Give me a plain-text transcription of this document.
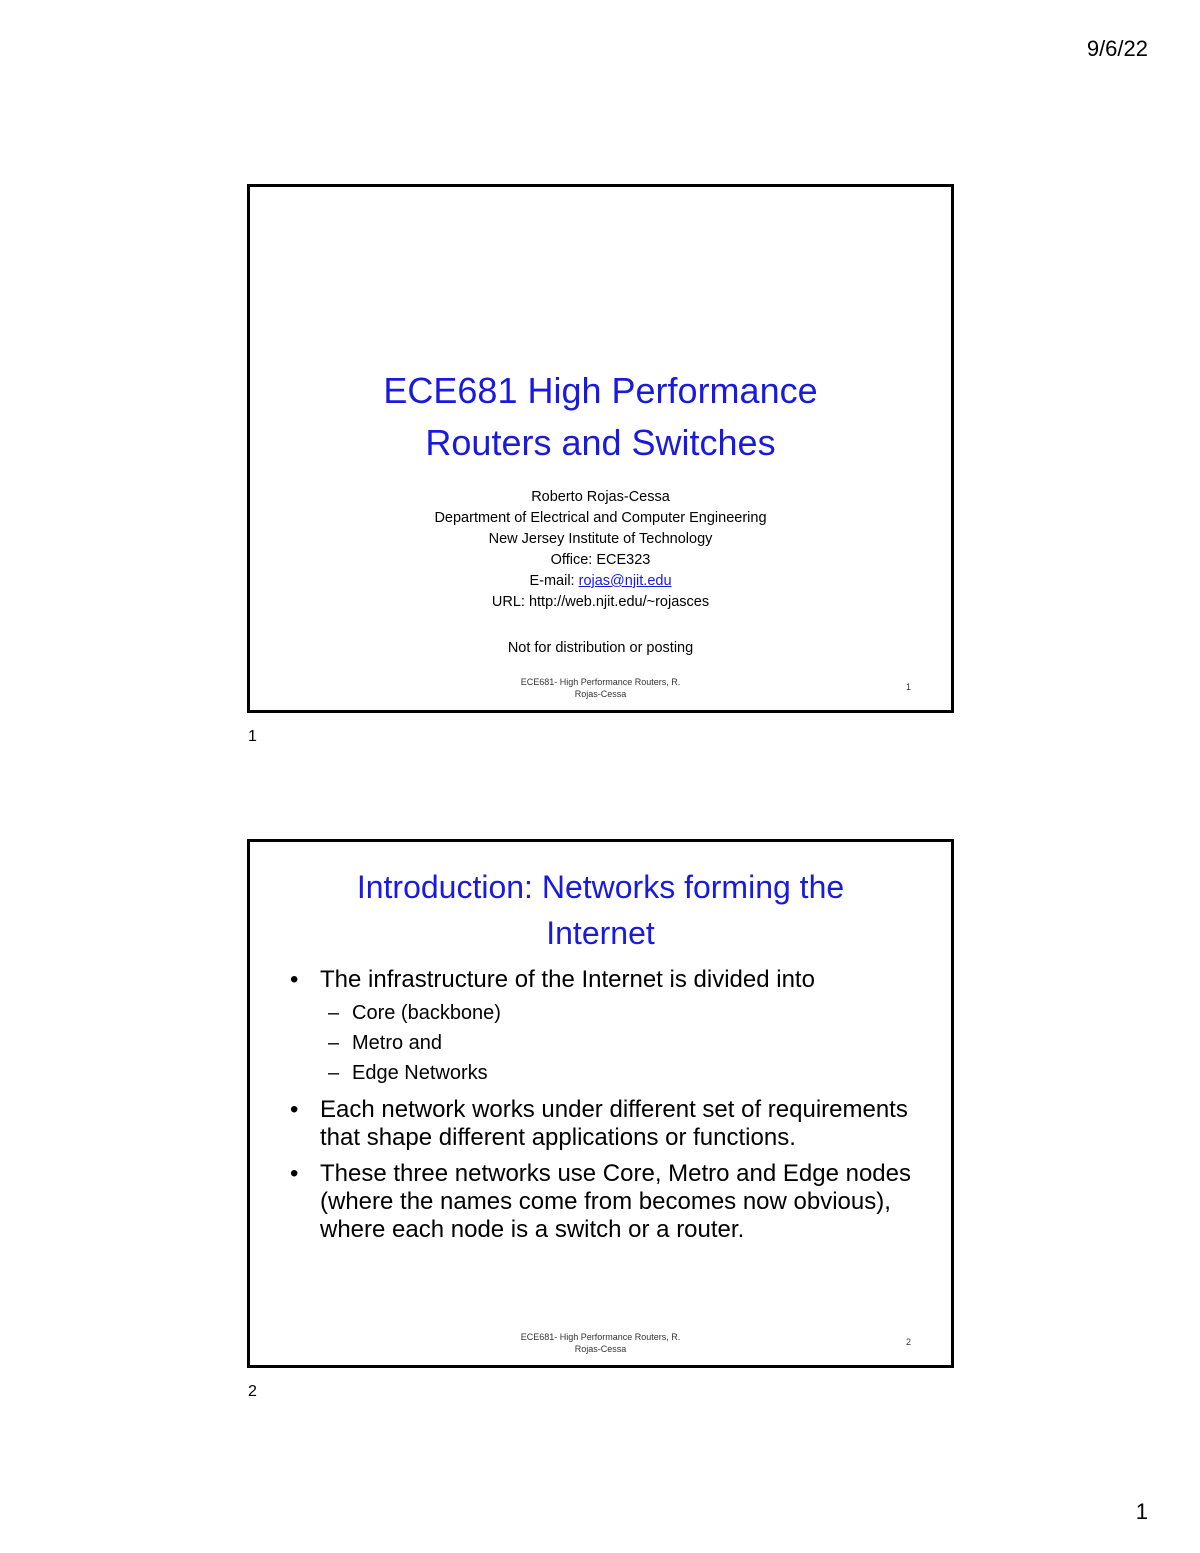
9/6/22
ECE681 High Performance
Routers and Switches
Roberto Rojas-Cessa
Department of Electrical and Computer Engineering
New Jersey Institute of Technology
Office: ECE323
E-mail: rojas@njit.edu
URL: http://web.njit.edu/~rojasces
Not for distribution or posting
ECE681- High Performance Routers, R.
Rojas-Cessa
1
1
Introduction: Networks forming the
Internet
• The infrastructure of the Internet is divided into
– Core (backbone)
– Metro and
– Edge Networks
• Each network works under different set of requirements that shape different applications or functions.
• These three networks use Core, Metro and Edge nodes (where the names come from becomes now obvious), where each node is a switch or a router.
ECE681- High Performance Routers, R.
Rojas-Cessa
2
2
1
